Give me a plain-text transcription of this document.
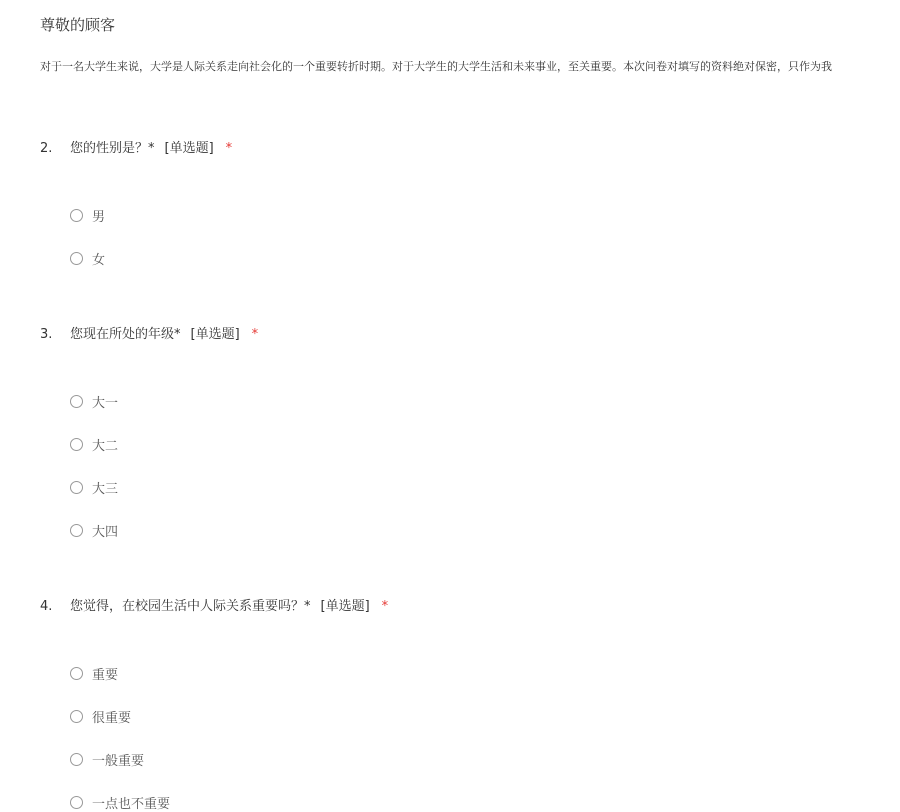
尊敬的顾客
对于一名大学生来说，大学是人际关系走向社会化的一个重要转折时期。对于大学生的大学生活和未来事业，至关重要。本次问卷对填写的资料绝对保密，只作为我
2. 您的性别是？* [单选题] *
男
女
3. 您现在所处的年级* [单选题] *
大一
大二
大三
大四
4. 您觉得，在校园生活中人际关系重要吗？* [单选题] *
重要
很重要
一般重要
一点也不重要
